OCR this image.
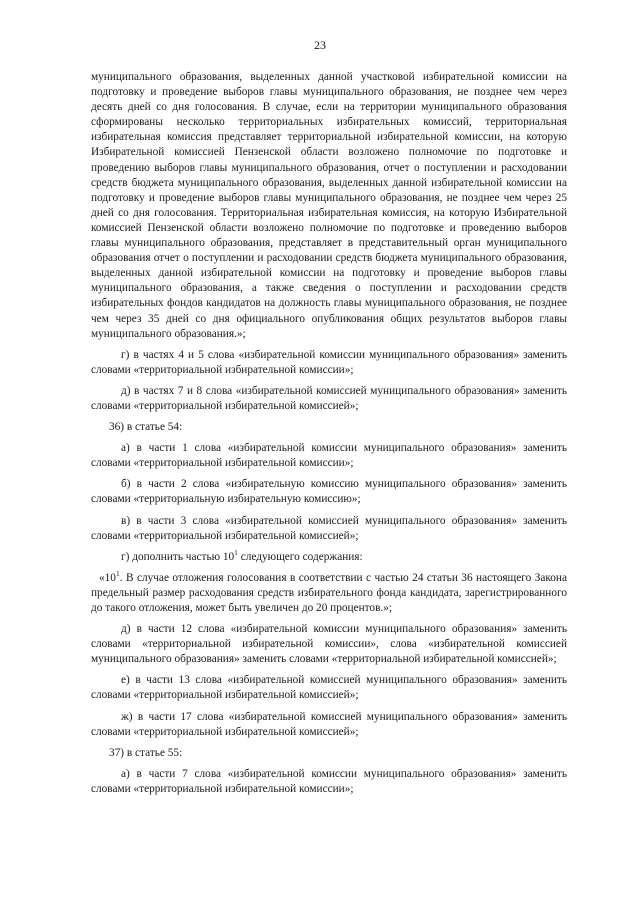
23

муниципального образования, выделенных данной участковой избирательной комиссии на подготовку и проведение выборов главы муниципального образования, не позднее чем через десять дней со дня голосования. В случае, если на территории муниципального образования сформированы несколько территориальных избирательных комиссий, территориальная избирательная комиссия представляет территориальной избирательной комиссии, на которую Избирательной комиссией Пензенской области возложено полномочие по подготовке и проведению выборов главы муниципального образования, отчет о поступлении и расходовании средств бюджета муниципального образования, выделенных данной избирательной комиссии на подготовку и проведение выборов главы муниципального образования, не позднее чем через 25 дней со дня голосования. Территориальная избирательная комиссия, на которую Избирательной комиссией Пензенской области возложено полномочие по подготовке и проведению выборов главы муниципального образования, представляет в представительный орган муниципального образования отчет о поступлении и расходовании средств бюджета муниципального образования, выделенных данной избирательной комиссии на подготовку и проведение выборов главы муниципального образования, а также сведения о поступлении и расходовании средств избирательных фондов кандидатов на должность главы муниципального образования, не позднее чем через 35 дней со дня официального опубликования общих результатов выборов главы муниципального образования.»;

г) в частях 4 и 5 слова «избирательной комиссии муниципального образования» заменить словами «территориальной избирательной комиссии»;

д) в частях 7 и 8 слова «избирательной комиссией муниципального образования» заменить словами «территориальной избирательной комиссией»;

36) в статье 54:

а) в части 1 слова «избирательной комиссии муниципального образования» заменить словами «территориальной избирательной комиссии»;

б) в части 2 слова «избирательную комиссию муниципального образования» заменить словами «территориальную избирательную комиссию»;

в) в части 3 слова «избирательной комиссией муниципального образования» заменить словами «территориальной избирательной комиссией»;

г) дополнить частью $10^1$ следующего содержания:

«$10^1$. В случае отложения голосования в соответствии с частью 24 статьи 36 настоящего Закона предельный размер расходования средств избирательного фонда кандидата, зарегистрированного до такого отложения, может быть увеличен до 20 процентов.»;

д) в части 12 слова «избирательной комиссии муниципального образования» заменить словами «территориальной избирательной комиссии», слова «избирательной комиссией муниципального образования» заменить словами «территориальной избирательной комиссией»;

е) в части 13 слова «избирательной комиссией муниципального образования» заменить словами «территориальной избирательной комиссией»;

ж) в части 17 слова «избирательной комиссией муниципального образования» заменить словами «территориальной избирательной комиссией»;

37) в статье 55:

а) в части 7 слова «избирательной комиссии муниципального образования» заменить словами «территориальной избирательной комиссии»;
